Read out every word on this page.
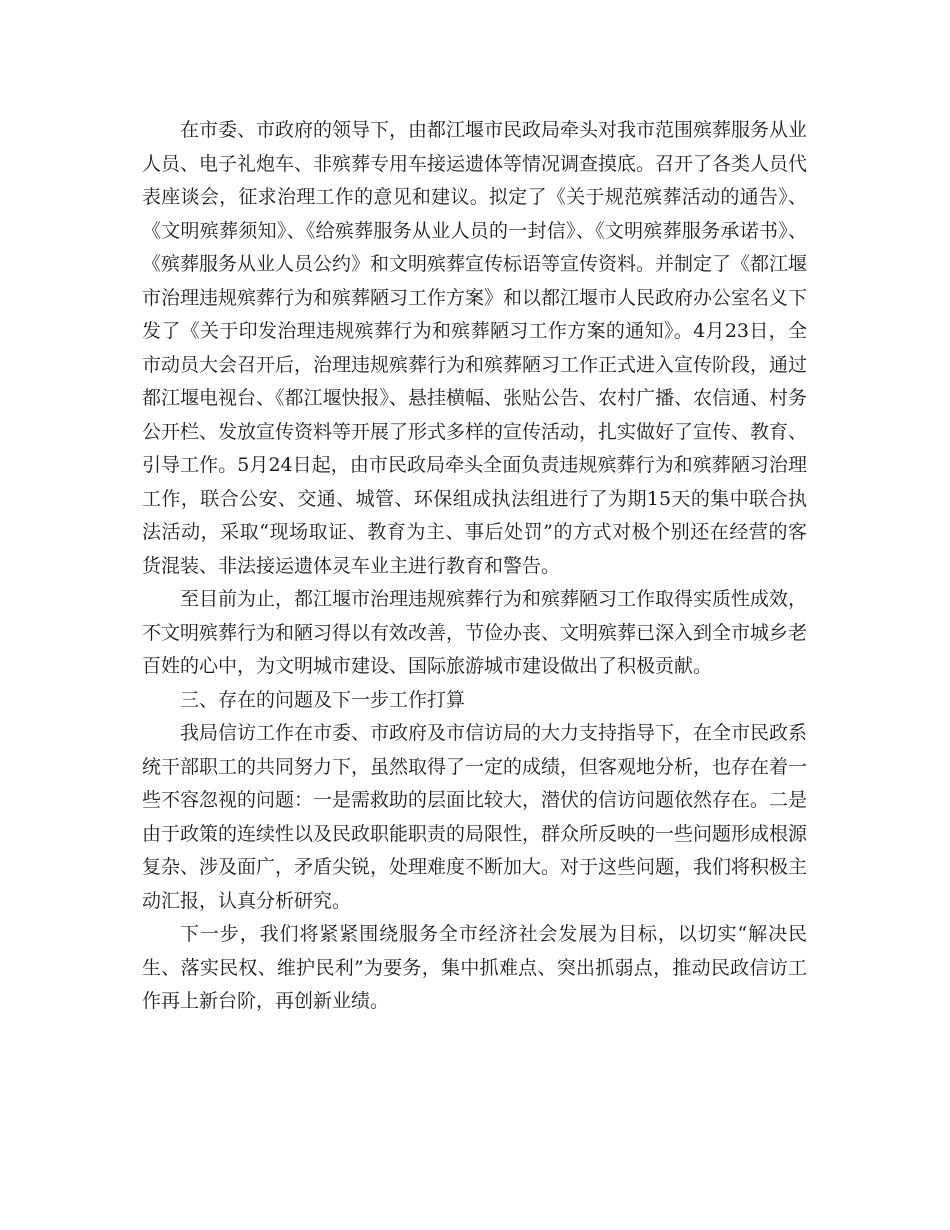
在市委、市政府的领导下，由都江堰市民政局牵头对我市范围殡葬服务从业人员、电子礼炮车、非殡葬专用车接运遗体等情况调查摸底。召开了各类人员代表座谈会，征求治理工作的意见和建议。拟定了《关于规范殡葬活动的通告》、《文明殡葬须知》、《给殡葬服务从业人员的一封信》、《文明殡葬服务承诺书》、《殡葬服务从业人员公约》和文明殡葬宣传标语等宣传资料。并制定了《都江堰市治理违规殡葬行为和殡葬陋习工作方案》和以都江堰市人民政府办公室名义下发了《关于印发治理违规殡葬行为和殡葬陋习工作方案的通知》。4月23日，全市动员大会召开后，治理违规殡葬行为和殡葬陋习工作正式进入宣传阶段，通过都江堰电视台、《都江堰快报》、悬挂横幅、张贴公告、农村广播、农信通、村务公开栏、发放宣传资料等开展了形式多样的宣传活动，扎实做好了宣传、教育、引导工作。5月24日起，由市民政局牵头全面负责违规殡葬行为和殡葬陋习治理工作，联合公安、交通、城管、环保组成执法组进行了为期15天的集中联合执法活动，采取“现场取证、教育为主、事后处罚”的方式对极个别还在经营的客货混装、非法接运遗体灵车业主进行教育和警告。

至目前为止，都江堰市治理违规殡葬行为和殡葬陋习工作取得实质性成效，不文明殡葬行为和陋习得以有效改善，节俭办丧、文明殡葬已深入到全市城乡老百姓的心中，为文明城市建设、国际旅游城市建设做出了积极贡献。

三、存在的问题及下一步工作打算

我局信访工作在市委、市政府及市信访局的大力支持指导下，在全市民政系统干部职工的共同努力下，虽然取得了一定的成绩，但客观地分析，也存在着一些不容忽视的问题：一是需救助的层面比较大，潜伏的信访问题依然存在。二是由于政策的连续性以及民政职能职责的局限性，群众所反映的一些问题形成根源复杂、涉及面广，矛盾尖锐，处理难度不断加大。对于这些问题，我们将积极主动汇报，认真分析研究。

下一步，我们将紧紧围绕服务全市经济社会发展为目标，以切实“解决民生、落实民权、维护民利”为要务，集中抓难点、突出抓弱点，推动民政信访工作再上新台阶，再创新业绩。
